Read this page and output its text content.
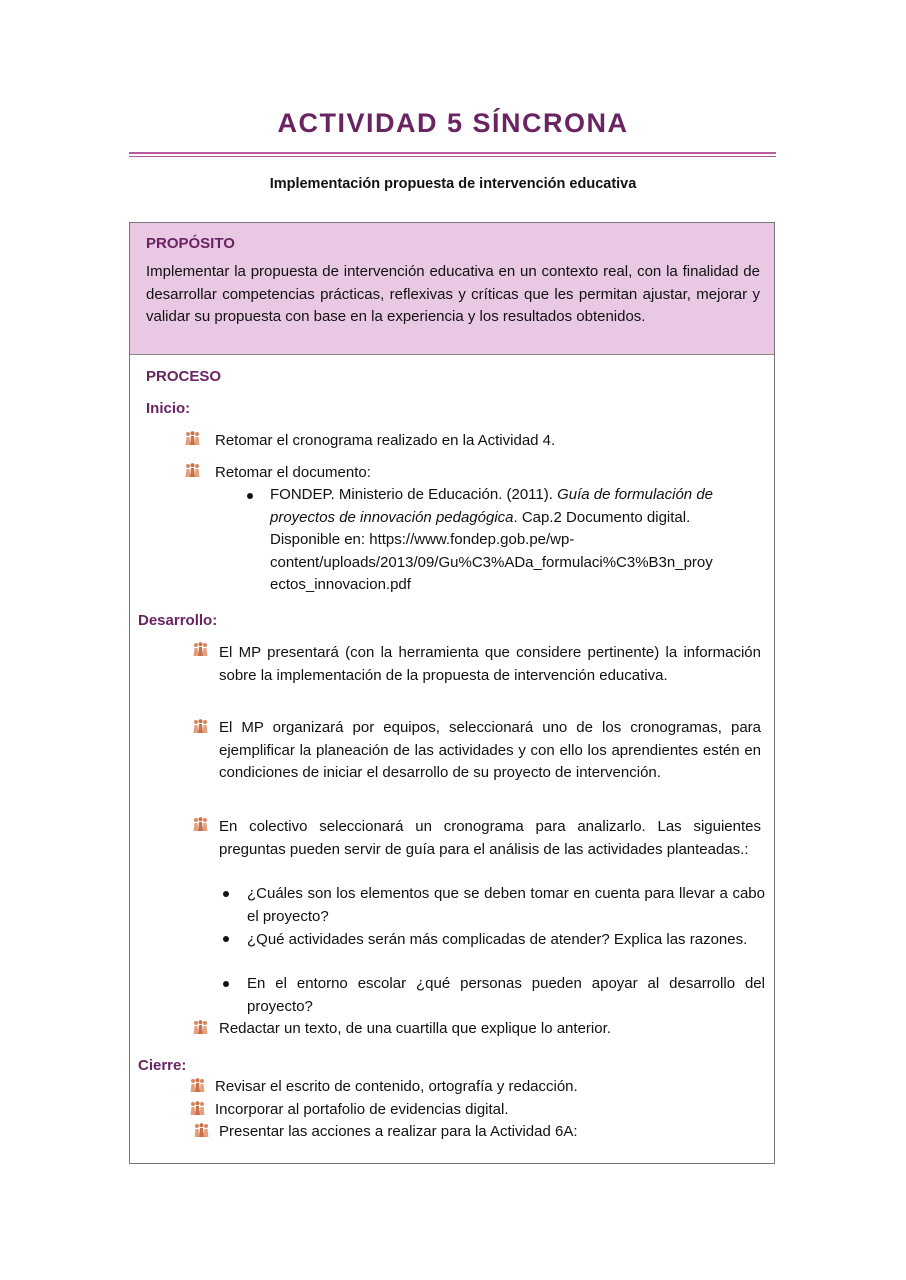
ACTIVIDAD 5 SÍNCRONA
Implementación propuesta de intervención educativa
PROPÓSITO
Implementar la propuesta de intervención educativa en un contexto real, con la finalidad de desarrollar competencias prácticas, reflexivas y críticas que les permitan ajustar, mejorar y validar su propuesta con base en la experiencia y los resultados obtenidos.
PROCESO
Inicio:
Retomar el cronograma realizado en la Actividad 4.
Retomar el documento:
FONDEP. Ministerio de Educación. (2011). Guía de formulación de
proyectos de innovación pedagógica. Cap.2 Documento digital.
Disponible en: https://www.fondep.gob.pe/wp-
content/uploads/2013/09/Gu%C3%ADa_formulaci%C3%B3n_proy
ectos_innovacion.pdf
Desarrollo:
El MP presentará (con la herramienta que considere pertinente) la información sobre la implementación de la propuesta de intervención educativa.
El MP organizará por equipos, seleccionará uno de los cronogramas, para ejemplificar la planeación de las actividades y con ello los aprendientes estén en condiciones de iniciar el desarrollo de su proyecto de intervención.
En colectivo seleccionará un cronograma para analizarlo. Las siguientes preguntas pueden servir de guía para el análisis de las actividades planteadas.:
¿Cuáles son los elementos que se deben tomar en cuenta para llevar a cabo el proyecto?
¿Qué actividades serán más complicadas de atender? Explica las razones.
En el entorno escolar ¿qué personas pueden apoyar al desarrollo del proyecto?
Redactar un texto, de una cuartilla que explique lo anterior.
Cierre:
Revisar el escrito de contenido, ortografía y redacción.
Incorporar al portafolio de evidencias digital.
Presentar las acciones a realizar para la Actividad 6A:
